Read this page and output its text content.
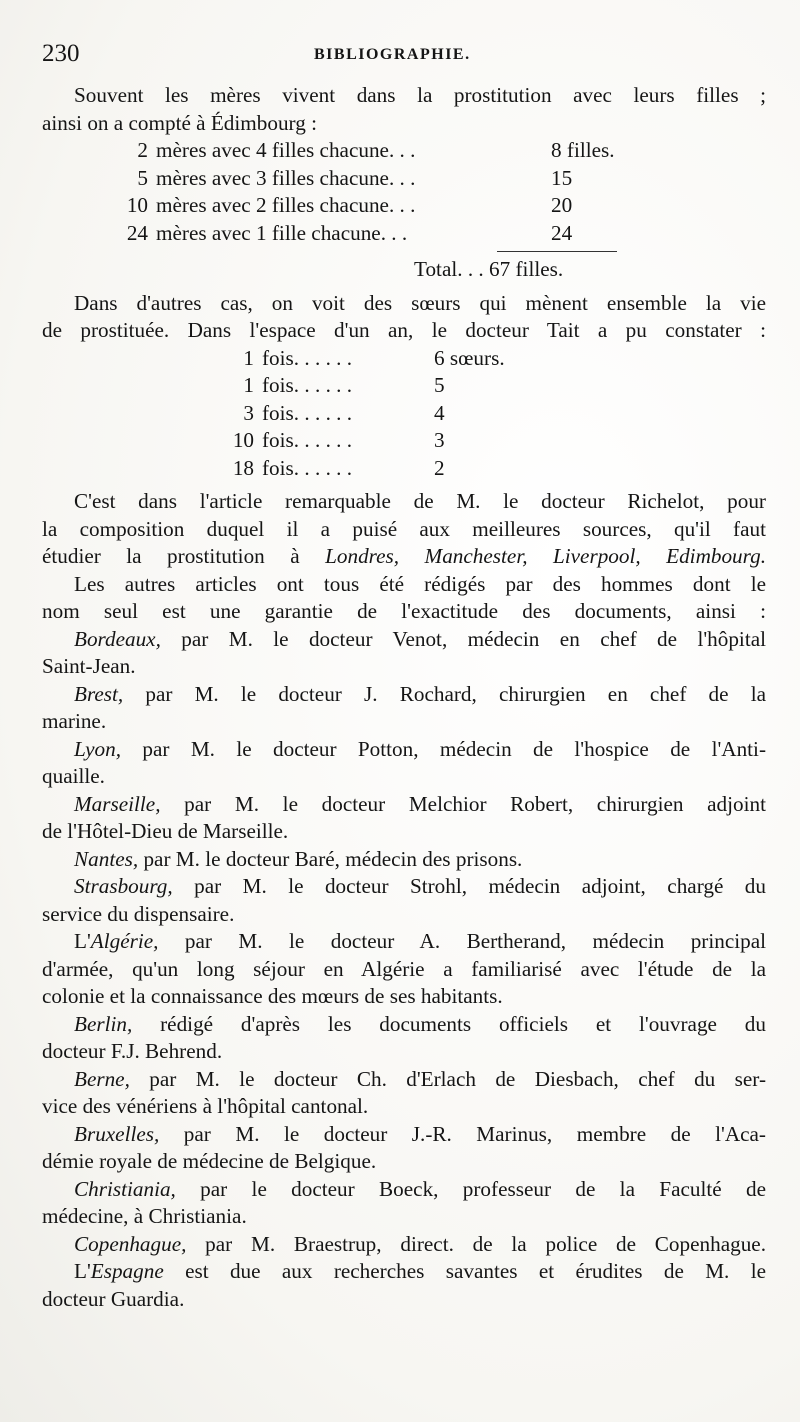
230	BIBLIOGRAPHIE.
Souvent les mères vivent dans la prostitution avec leurs filles ;
ainsi on a compté à Édimbourg :
2 mères avec 4 filles chacune. . .	8 filles.
5 mères avec 3 filles chacune. . .	15
10 mères avec 2 filles chacune. . .	20
24 mères avec 1 fille chacune. . .	24
Total. . . 67 filles.
Dans d'autres cas, on voit des sœurs qui mènent ensemble la vie
de prostituée. Dans l'espace d'un an, le docteur Tait a pu constater :
1 fois. . . . . .	6 sœurs.
1 fois. . . . . .	5
3 fois. . . . . .	4
10 fois. . . . . .	3
18 fois. . . . . .	2
C'est dans l'article remarquable de M. le docteur Richelot, pour
la composition duquel il a puisé aux meilleures sources, qu'il faut
étudier la prostitution à Londres, Manchester, Liverpool, Edimbourg.
Les autres articles ont tous été rédigés par des hommes dont le
nom seul est une garantie de l'exactitude des documents, ainsi :
Bordeaux, par M. le docteur Venot, médecin en chef de l'hôpital
Saint-Jean.
Brest, par M. le docteur J. Rochard, chirurgien en chef de la
marine.
Lyon, par M. le docteur Potton, médecin de l'hospice de l'Anti-
quaille.
Marseille, par M. le docteur Melchior Robert, chirurgien adjoint
de l'Hôtel-Dieu de Marseille.
Nantes, par M. le docteur Baré, médecin des prisons.
Strasbourg, par M. le docteur Strohl, médecin adjoint, chargé du
service du dispensaire.
L'Algérie, par M. le docteur A. Bertherand, médecin principal
d'armée, qu'un long séjour en Algérie a familiarisé avec l'étude de la
colonie et la connaissance des mœurs de ses habitants.
Berlin, rédigé d'après les documents officiels et l'ouvrage du
docteur F.J. Behrend.
Berne, par M. le docteur Ch. d'Erlach de Diesbach, chef du ser-
vice des vénériens à l'hôpital cantonal.
Bruxelles, par M. le docteur J.-R. Marinus, membre de l'Aca-
démie royale de médecine de Belgique.
Christiania, par le docteur Boeck, professeur de la Faculté de
médecine, à Christiania.
Copenhague, par M. Braestrup, direct. de la police de Copenhague.
L'Espagne est due aux recherches savantes et érudites de M. le
docteur Guardia.
